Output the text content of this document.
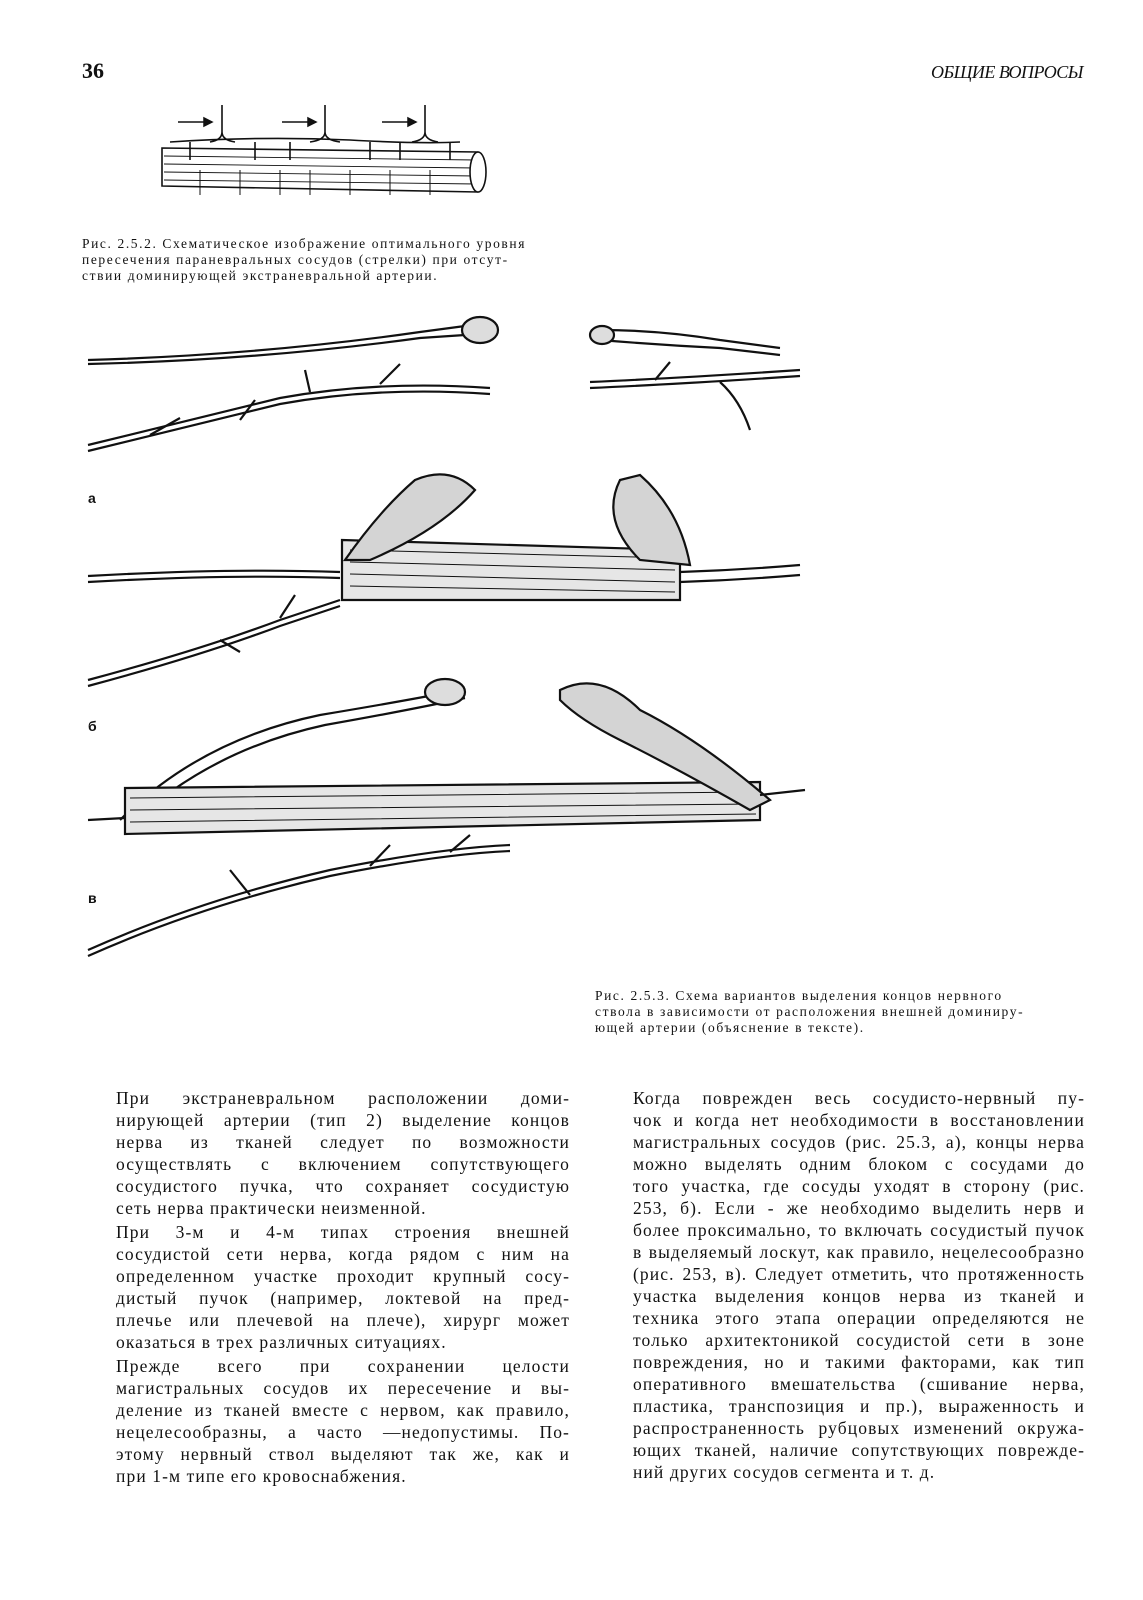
36	ОБЩИЕ ВОПРОСЫ
Рис. 2.5.2. Схематическое изображение оптимального уровня
пересечения параневральных сосудов (стрелки) при отсут-
ствии доминирующей экстраневральной артерии.
а
б
в
Рис. 2.5.3. Схема вариантов выделения концов нервного
ствола в зависимости от расположения внешней доминиру-
ющей артерии (объяснение в тексте).

При экстраневральном расположении доми-
нирующей артерии (тип 2) выделение концов
нерва из тканей следует по возможности
осуществлять с включением сопутствующего
сосудистого пучка, что сохраняет сосудистую
сеть нерва практически неизменной.

При 3-м и 4-м типах строения внешней
сосудистой сети нерва, когда рядом с ним на
определенном участке проходит крупный сосу-
дистый пучок (например, локтевой на пред-
плечье или плечевой на плече), хирург может
оказаться в трех различных ситуациях.

Прежде всего при сохранении целости
магистральных сосудов их пересечение и вы-
деление из тканей вместе с нервом, как правило,
нецелесообразны, а часто —недопустимы. По-
этому нервный ствол выделяют так же, как и
при 1-м типе его кровоснабжения.

Когда поврежден весь сосудисто-нервный пу-
чок и когда нет необходимости в восстановлении
магистральных сосудов (рис. 25.3, а), концы нерва
можно выделять одним блоком с сосудами до
того участка, где сосуды уходят в сторону (рис.
253, б). Если - же необходимо выделить нерв и
более проксимально, то включать сосудистый пучок
в выделяемый лоскут, как правило, нецелесообразно
(рис. 253, в). Следует отметить, что протяженность
участка выделения концов нерва из тканей и
техника этого этапа операции определяются не
только архитектоникой сосудистой сети в зоне
повреждения, но и такими факторами, как тип
оперативного вмешательства (сшивание нерва,
пластика, транспозиция и пр.), выраженность и
распространенность рубцовых изменений окружа-
ющих тканей, наличие сопутствующих поврежде-
ний других сосудов сегмента и т. д.
